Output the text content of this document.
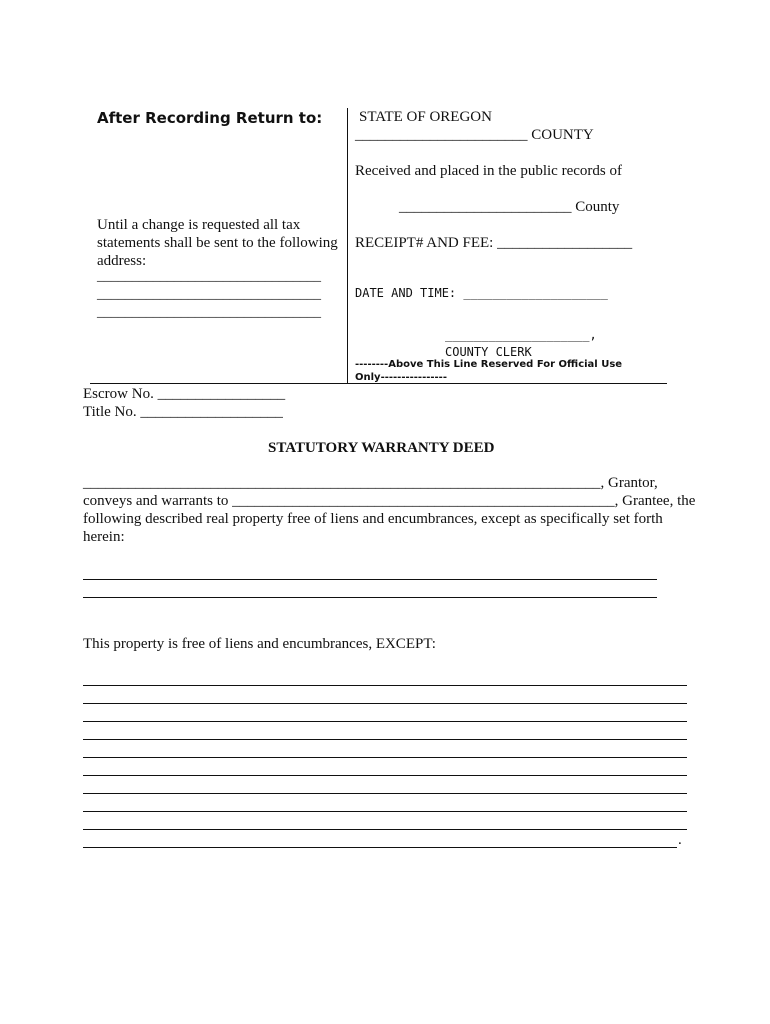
After Recording Return to:
Until a change is requested all tax
statements shall be sent to the following
address:
________________________________
________________________________
________________________________
STATE OF OREGON
_______________________ COUNTY
Received and placed in the public records of
_______________________ County
RECEIPT# AND FEE: __________________
DATE AND TIME: ____________________
____________________,
COUNTY CLERK
--------Above This Line Reserved For Official Use
Only----------------
Escrow No. _________________
Title No. ___________________
STATUTORY WARRANTY DEED
_____________________________________________________________________, Grantor,
conveys and warrants to ___________________________________________________, Grantee, the
following described real property free of liens and encumbrances, except as specifically set forth
herein:
This property is free of liens and encumbrances, EXCEPT:
.
